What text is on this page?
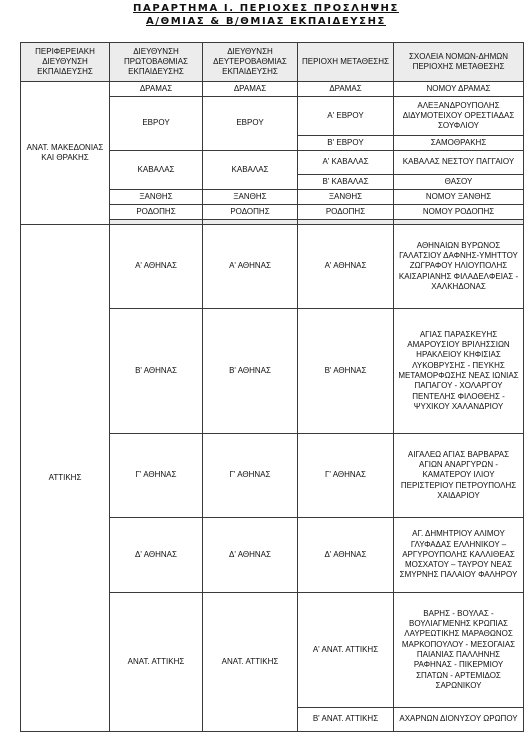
ΠΑΡΑΡΤΗΜΑ Ι. ΠΕΡΙΟΧΕΣ ΠΡΟΣΛΗΨΗΣ
Α/ΘΜΙΑΣ & Β/ΘΜΙΑΣ ΕΚΠΑΙΔΕΥΣΗΣ
ΠΕΡΙΦΕΡΕΙΑΚΗ ΔΙΕΥΘΥΝΣΗ ΕΚΠΑΙΔΕΥΣΗΣ	ΔΙΕΥΘΥΝΣΗ ΠΡΩΤΟΒΑΘΜΙΑΣ ΕΚΠΑΙΔΕΥΣΗΣ	ΔΙΕΥΘΥΝΣΗ ΔΕΥΤΕΡΟΒΑΘΜΙΑΣ ΕΚΠΑΙΔΕΥΣΗΣ	ΠΕΡΙΟΧΗ ΜΕΤΑΘΕΣΗΣ	ΣΧΟΛΕΙΑ ΝΟΜΩΝ-ΔΗΜΩΝ ΠΕΡΙΟΧΗΣ ΜΕΤΑΘΕΣΗΣ

ΑΝΑΤ. ΜΑΚΕΔΟΝΙΑΣ ΚΑΙ ΘΡΑΚΗΣ	ΔΡΑΜΑΣ	ΔΡΑΜΑΣ	ΔΡΑΜΑΣ	ΝΟΜΟΥ ΔΡΑΜΑΣ
	ΕΒΡΟΥ	ΕΒΡΟΥ	Α' ΕΒΡΟΥ	ΑΛΕΞΑΝΔΡΟΥΠΟΛΗΣ ΔΙΔΥΜΟΤΕΙΧΟΥ ΟΡΕΣΤΙΑΔΑΣ ΣΟΥΦΛΙΟΥ
			Β' ΕΒΡΟΥ	ΣΑΜΟΘΡΑΚΗΣ
	ΚΑΒΑΛΑΣ	ΚΑΒΑΛΑΣ	Α' ΚΑΒΑΛΑΣ	ΚΑΒΑΛΑΣ ΝΕΣΤΟΥ ΠΑΓΓΑΙΟΥ
			Β' ΚΑΒΑΛΑΣ	ΘΑΣΟΥ
	ΞΑΝΘΗΣ	ΞΑΝΘΗΣ	ΞΑΝΘΗΣ	ΝΟΜΟΥ ΞΑΝΘΗΣ
	ΡΟΔΟΠΗΣ	ΡΟΔΟΠΗΣ	ΡΟΔΟΠΗΣ	ΝΟΜΟΥ ΡΟΔΟΠΗΣ

ΑΤΤΙΚΗΣ	Α' ΑΘΗΝΑΣ	Α' ΑΘΗΝΑΣ	Α' ΑΘΗΝΑΣ	ΑΘΗΝΑΙΩΝ ΒΥΡΩΝΟΣ ΓΑΛΑΤΣΙΟΥ ΔΑΦΝΗΣ-ΥΜΗΤΤΟΥ ΖΩΓΡΑΦΟΥ ΗΛΙΟΥΠΟΛΗΣ ΚΑΙΣΑΡΙΑΝΗΣ ΦΙΛΑΔΕΛΦΕΙΑΣ - ΧΑΛΚΗΔΟΝΑΣ
	Β' ΑΘΗΝΑΣ	Β' ΑΘΗΝΑΣ	Β' ΑΘΗΝΑΣ	ΑΓΙΑΣ ΠΑΡΑΣΚΕΥΗΣ ΑΜΑΡΟΥΣΙΟΥ ΒΡΙΛΗΣΣΙΩΝ ΗΡΑΚΛΕΙΟΥ ΚΗΦΙΣΙΑΣ ΛΥΚΟΒΡΥΣΗΣ - ΠΕΥΚΗΣ ΜΕΤΑΜΟΡΦΩΣΗΣ ΝΕΑΣ ΙΩΝΙΑΣ ΠΑΠΑΓΟΥ - ΧΟΛΑΡΓΟΥ ΠΕΝΤΕΛΗΣ ΦΙΛΟΘΕΗΣ - ΨΥΧΙΚΟΥ ΧΑΛΑΝΔΡΙΟΥ
	Γ' ΑΘΗΝΑΣ	Γ' ΑΘΗΝΑΣ	Γ' ΑΘΗΝΑΣ	ΑΙΓΑΛΕΩ ΑΓΙΑΣ ΒΑΡΒΑΡΑΣ ΑΓΙΩΝ ΑΝΑΡΓΥΡΩΝ - ΚΑΜΑΤΕΡΟΥ ΙΛΙΟΥ ΠΕΡΙΣΤΕΡΙΟΥ ΠΕΤΡΟΥΠΟΛΗΣ ΧΑΙΔΑΡΙΟΥ
	Δ' ΑΘΗΝΑΣ	Δ' ΑΘΗΝΑΣ	Δ' ΑΘΗΝΑΣ	ΑΓ. ΔΗΜΗΤΡΙΟΥ ΑΛΙΜΟΥ ΓΛΥΦΑΔΑΣ ΕΛΛΗΝΙΚΟΥ – ΑΡΓΥΡΟΥΠΟΛΗΣ ΚΑΛΛΙΘΕΑΣ ΜΟΣΧΑΤΟΥ – ΤΑΥΡΟΥ ΝΕΑΣ ΣΜΥΡΝΗΣ ΠΑΛΑΙΟΥ ΦΑΛΗΡΟΥ
	ΑΝΑΤ. ΑΤΤΙΚΗΣ	ΑΝΑΤ. ΑΤΤΙΚΗΣ	Α' ΑΝΑΤ. ΑΤΤΙΚΗΣ	ΒΑΡΗΣ - ΒΟΥΛΑΣ - ΒΟΥΛΙΑΓΜΕΝΗΣ ΚΡΩΠΙΑΣ ΛΑΥΡΕΩΤΙΚΗΣ ΜΑΡΑΘΩΝΟΣ ΜΑΡΚΟΠΟΥΛΟΥ - ΜΕΣΟΓΑΙΑΣ ΠΑΙΑΝΙΑΣ ΠΑΛΛΗΝΗΣ ΡΑΦΗΝΑΣ - ΠΙΚΕΡΜΙΟΥ ΣΠΑΤΩΝ - ΑΡΤΕΜΙΔΟΣ ΣΑΡΩΝΙΚΟΥ
			Β' ΑΝΑΤ. ΑΤΤΙΚΗΣ	ΑΧΑΡΝΩΝ ΔΙΟΝΥΣΟΥ ΩΡΩΠΟΥ
